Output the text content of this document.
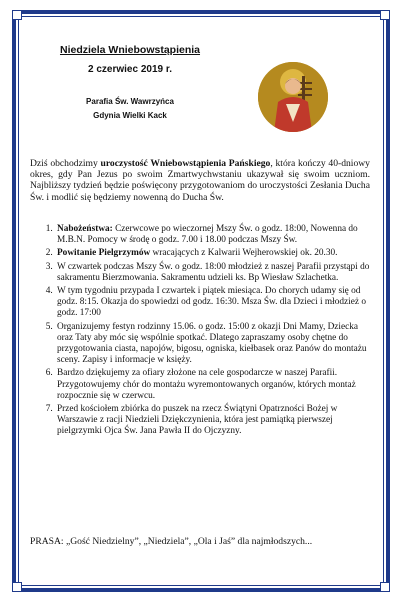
Niedziela Wniebowstąpienia

2 czerwiec 2019 r.
Parafia Św. Wawrzyńca
Gdynia Wielki Kack

Dziś obchodzimy uroczystość Wniebowstąpienia Pańskiego, która kończy 40-dniowy okres, gdy Pan Jezus po swoim Zmartwychwstaniu ukazywał się swoim uczniom. Najbliższy tydzień będzie poświęcony przygotowaniom do uroczystości Zesłania Ducha Św. i modlić się będziemy nowenną do Ducha Św.

1. Nabożeństwa: Czerwcowe po wieczornej Mszy Św. o godz. 18:00, Nowenna do M.B.N. Pomocy w środę o godz. 7.00 i 18.00 podczas Mszy Św.
2. Powitanie Pielgrzymów wracających z Kalwarii Wejherowskiej ok. 20.30.
3. W czwartek podczas Mszy Św. o godz. 18:00 młodzież z naszej Parafii przystąpi do sakramentu Bierzmowania. Sakramentu udzieli ks. Bp Wiesław Szlachetka.
4. W tym tygodniu przypada I czwartek i piątek miesiąca. Do chorych udamy się od godz. 8:15. Okazja do spowiedzi od godz. 16:30. Msza Św. dla Dzieci i młodzież o godz. 17:00
5. Organizujemy festyn rodzinny 15.06. o godz. 15:00 z okazji Dni Mamy, Dziecka oraz Taty aby móc się wspólnie spotkać. Dlatego zapraszamy osoby chętne do przygotowania ciasta, napojów, bigosu, ogniska, kiełbasek oraz Panów do montażu sceny. Zapisy i informacje w księży.
6. Bardzo dziękujemy za ofiary złożone na cele gospodarcze w naszej Parafii. Przygotowujemy chór do montażu wyremontowanych organów, których montaż rozpocznie się w czerwcu.
7. Przed kościołem zbiórka do puszek na rzecz Świątyni Opatrzności Bożej w Warszawie z racji Niedzieli Dziękczynienia, która jest pamiątką pierwszej pielgrzymki Ojca Św. Jana Pawła II do Ojczyzny.

PRASA: „Gość Niedzielny”, „Niedziela”, „Ola i Jaś” dla najmłodszych...
